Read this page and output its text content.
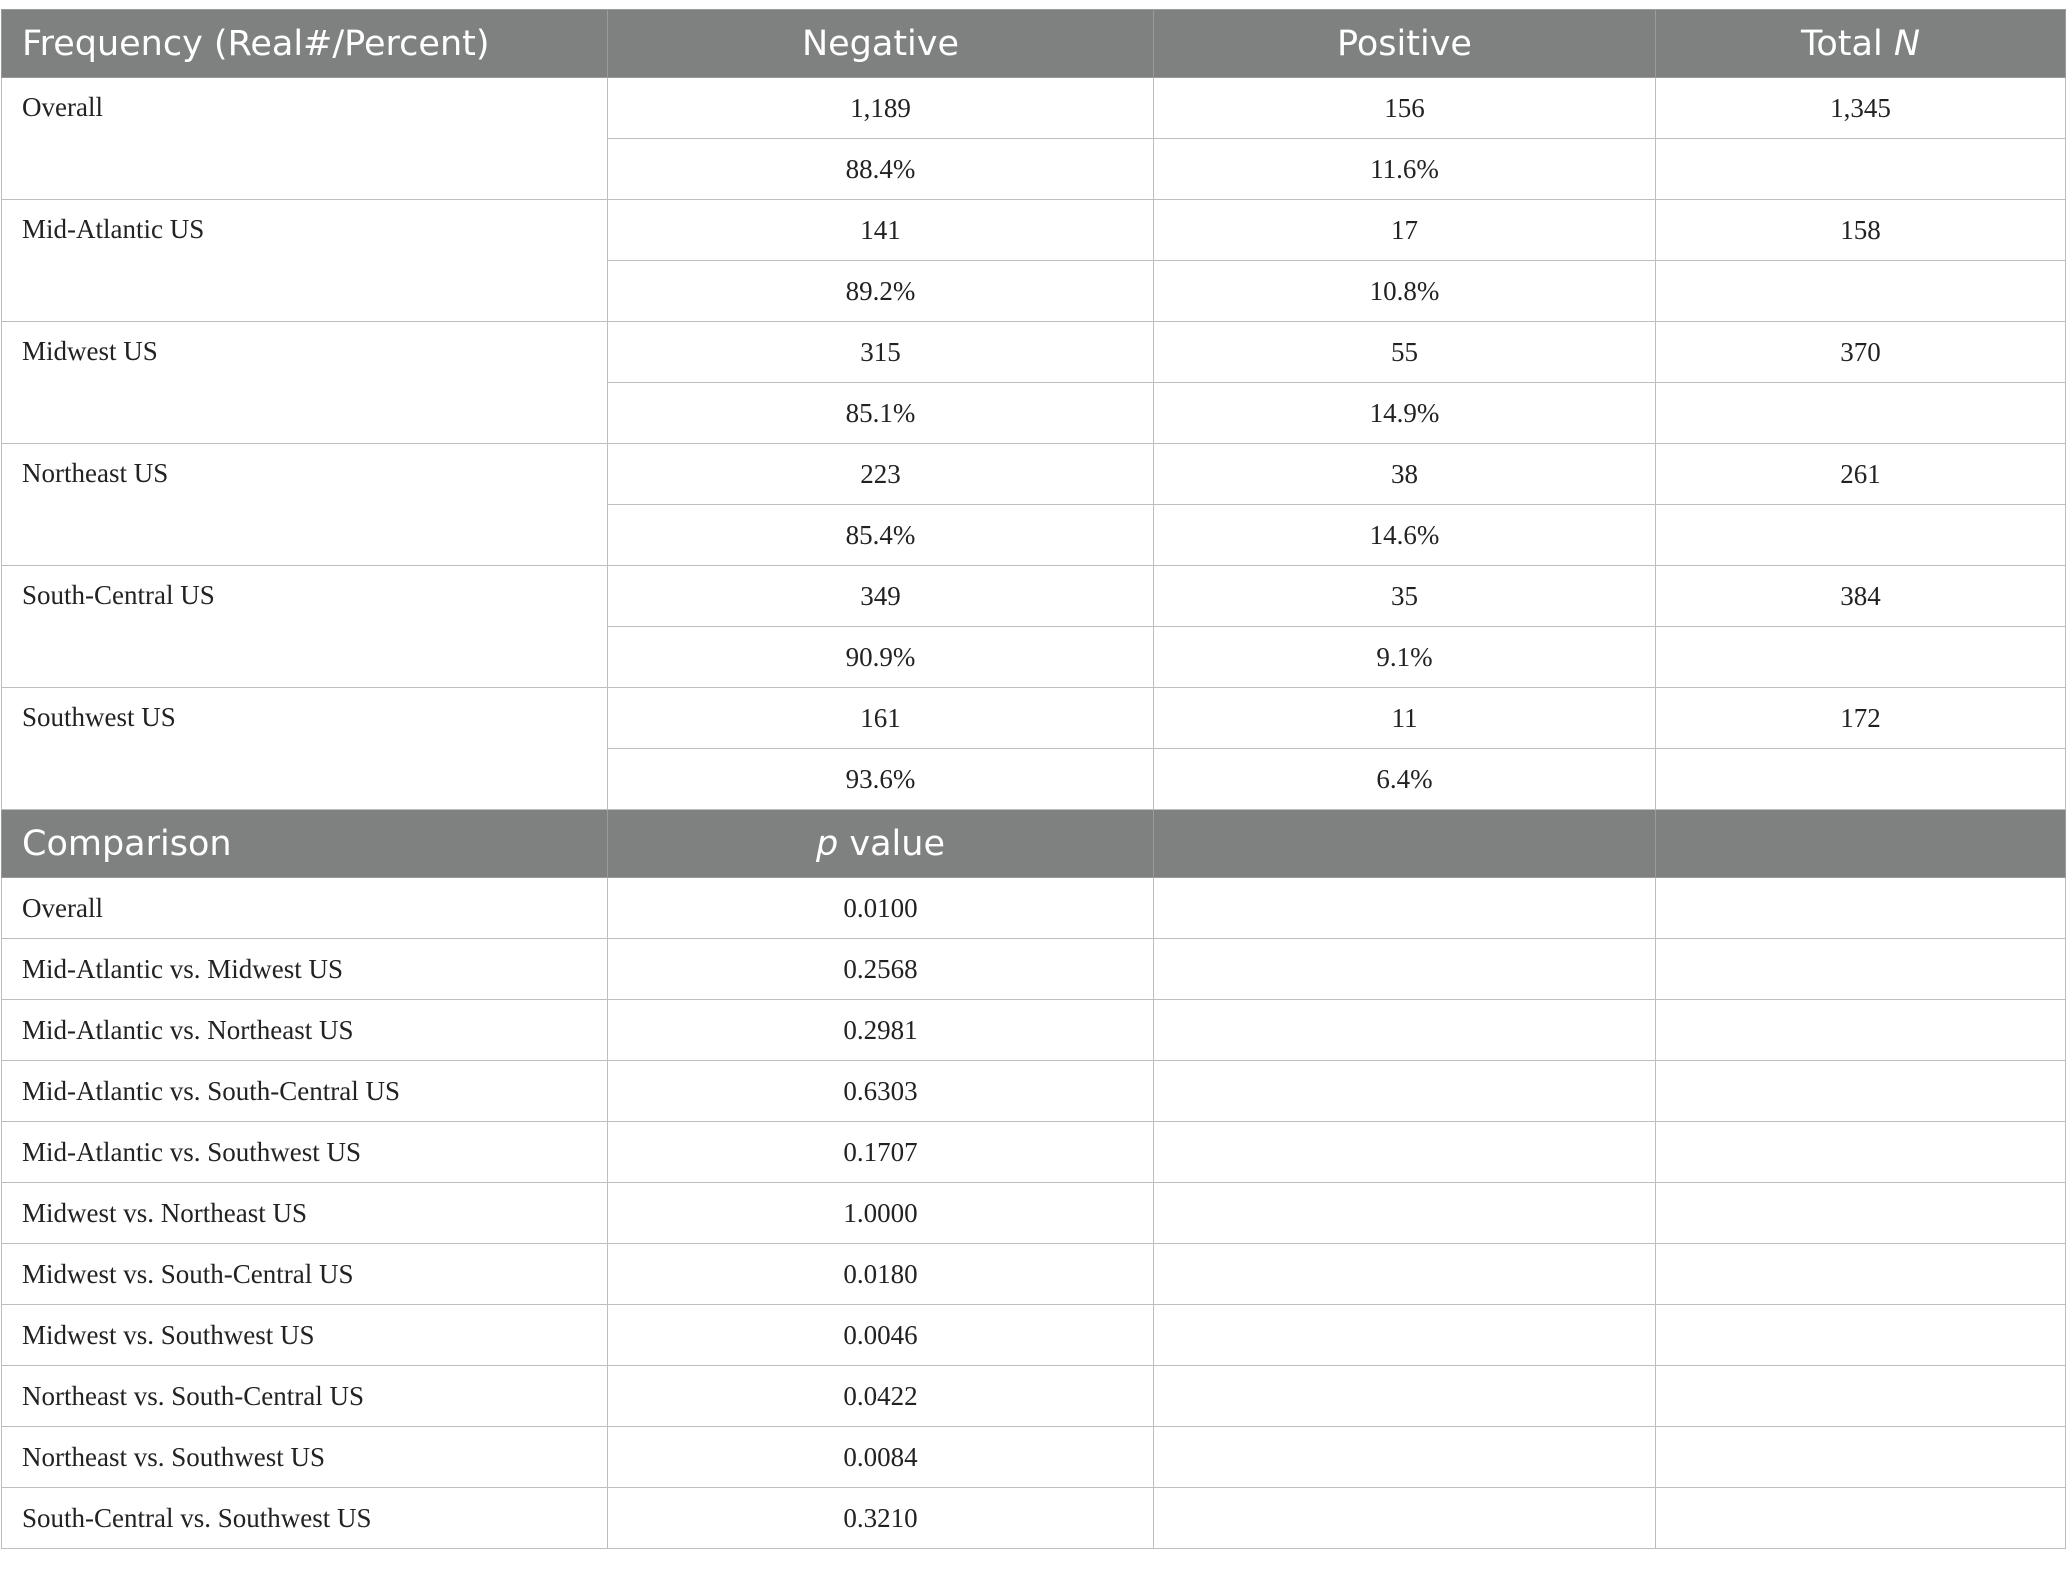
Frequency (Real#/Percent)	Negative	Positive	Total N
Overall	1,189	156	1,345
	88.4%	11.6%	
Mid-Atlantic US	141	17	158
	89.2%	10.8%	
Midwest US	315	55	370
	85.1%	14.9%	
Northeast US	223	38	261
	85.4%	14.6%	
South-Central US	349	35	384
	90.9%	9.1%	
Southwest US	161	11	172
	93.6%	6.4%	
Comparison	p value		
Overall	0.0100		
Mid-Atlantic vs. Midwest US	0.2568		
Mid-Atlantic vs. Northeast US	0.2981		
Mid-Atlantic vs. South-Central US	0.6303		
Mid-Atlantic vs. Southwest US	0.1707		
Midwest vs. Northeast US	1.0000		
Midwest vs. South-Central US	0.0180		
Midwest vs. Southwest US	0.0046		
Northeast vs. South-Central US	0.0422		
Northeast vs. Southwest US	0.0084		
South-Central vs. Southwest US	0.3210		
